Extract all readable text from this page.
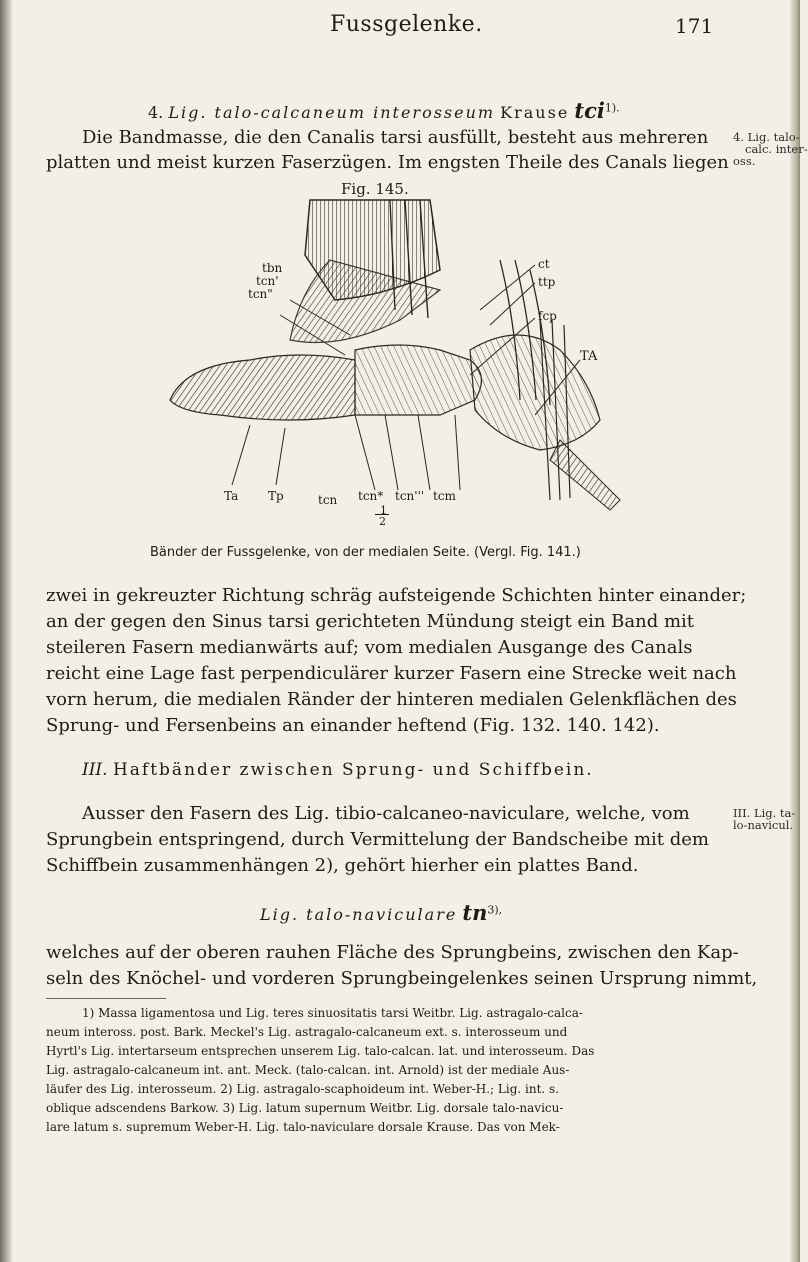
Fussgelenke.	171
4. Lig. talo-calcaneum interosseum Krause tci$^{1).}$
Die Bandmasse, die den Canalis tarsi ausfüllt, besteht aus mehreren
platten und meist kurzen Faserzügen. Im engsten Theile des Canals liegen
4. Lig. talo-
calc. inter-
oss.
Fig. 145.
tbn
tcn'
tcn"
ct
ttp
fcp
TA
Ta Tp	tcn tcn* tcn''' tcm
1
2
Bänder der Fussgelenke, von der medialen Seite. (Vergl. Fig. 141.)
zwei in gekreuzter Richtung schräg aufsteigende Schichten hinter einander;
an der gegen den Sinus tarsi gerichteten Mündung steigt ein Band mit
steileren Fasern medianwärts auf; vom medialen Ausgange des Canals
reicht eine Lage fast perpendiculärer kurzer Fasern eine Strecke weit nach
vorn herum, die medialen Ränder der hinteren medialen Gelenkflächen des
Sprung- und Fersenbeins an einander heftend (Fig. 132. 140. 142).
III. Haftbänder zwischen Sprung- und Schiffbein.
Ausser den Fasern des Lig. tibio-calcaneo-naviculare, welche, vom
Sprungbein entspringend, durch Vermittelung der Bandscheibe mit dem
Schiffbein zusammenhängen 2), gehört hierher ein plattes Band.
III. Lig. ta-
lo-navicul.
Lig. talo-naviculare $tn^{3),}$
welches auf der oberen rauhen Fläche des Sprungbeins, zwischen den Kap-
seln des Knöchel- und vorderen Sprungbeingelenkes seinen Ursprung nimmt,
1) Massa ligamentosa und Lig. teres sinuositatis tarsi Weitbr. Lig. astragalo-calca-
neum inteross. post. Bark. Meckel's Lig. astragalo-calcaneum ext. s. interosseum und
Hyrtl's Lig. intertarseum entsprechen unserem Lig. talo-calcan. lat. und interosseum. Das
Lig. astragalo-calcaneum int. ant. Meck. (talo-calcan. int. Arnold) ist der mediale Aus-
läufer des Lig. interosseum. 2) Lig. astragalo-scaphoideum int. Weber-H.; Lig. int. s.
oblique adscendens Barkow. 3) Lig. latum supernum Weitbr. Lig. dorsale talo-navicu-
lare latum s. supremum Weber-H. Lig. talo-naviculare dorsale Krause. Das von Mek-
